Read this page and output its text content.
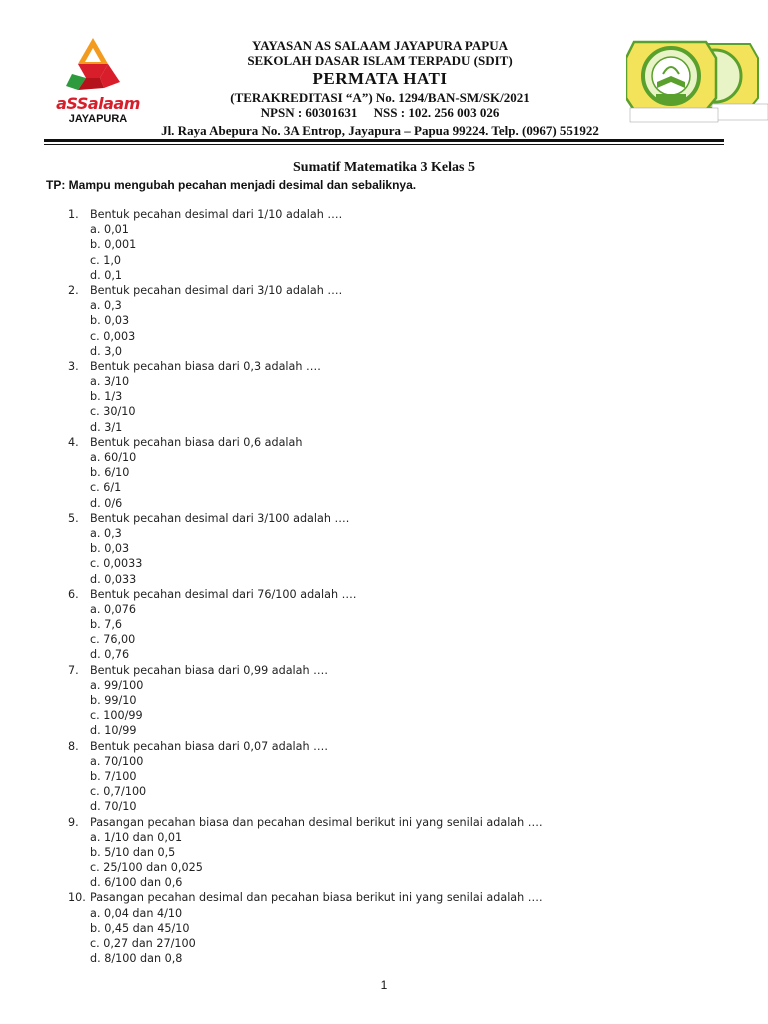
aSSalaam
JAYAPURA
YAYASAN AS SALAAM JAYAPURA PAPUA
SEKOLAH DASAR ISLAM TERPADU (SDIT)
PERMATA HATI
(TERAKREDITASI “A”) No. 1294/BAN-SM/SK/2021
NPSN : 60301631     NSS : 102. 256 003 026
Jl. Raya Abepura No. 3A Entrop, Jayapura – Papua 99224. Telp. (0967) 551922
Sumatif Matematika 3 Kelas 5
TP: Mampu mengubah pecahan menjadi desimal dan sebaliknya.
1. Bentuk pecahan desimal dari 1/10 adalah ….
a. 0,01
b. 0,001
c. 1,0
d. 0,1
2. Bentuk pecahan desimal dari 3/10 adalah ….
a. 0,3
b. 0,03
c. 0,003
d. 3,0
3. Bentuk pecahan biasa dari 0,3 adalah ….
a. 3/10
b. 1/3
c. 30/10
d. 3/1
4. Bentuk pecahan biasa dari 0,6 adalah
a. 60/10
b. 6/10
c. 6/1
d. 0/6
5. Bentuk pecahan desimal dari 3/100 adalah ….
a. 0,3
b. 0,03
c. 0,0033
d. 0,033
6. Bentuk pecahan desimal dari 76/100 adalah ….
a. 0,076
b. 7,6
c. 76,00
d. 0,76
7. Bentuk pecahan biasa dari 0,99 adalah ….
a. 99/100
b. 99/10
c. 100/99
d. 10/99
8. Bentuk pecahan biasa dari 0,07 adalah ….
a. 70/100
b. 7/100
c. 0,7/100
d. 70/10
9. Pasangan pecahan biasa dan pecahan desimal berikut ini yang senilai adalah ….
a. 1/10 dan 0,01
b. 5/10 dan 0,5
c. 25/100 dan 0,025
d. 6/100 dan 0,6
10. Pasangan pecahan desimal dan pecahan biasa berikut ini yang senilai adalah ….
a. 0,04 dan 4/10
b. 0,45 dan 45/10
c. 0,27 dan 27/100
d. 8/100 dan 0,8
1
